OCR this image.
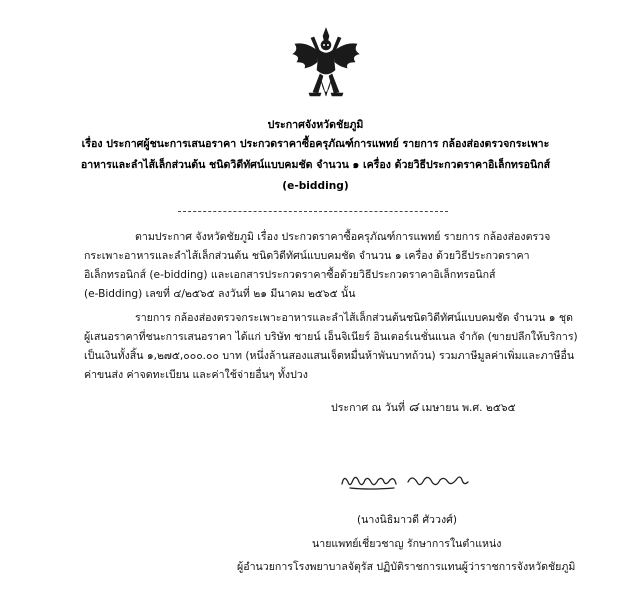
ประกาศจังหวัดชัยภูมิ
เรื่อง ประกาศผู้ชนะการเสนอราคา ประกวดราคาซื้อครุภัณฑ์การแพทย์ รายการ กล้องส่องตรวจกระเพาะ
อาหารและลำไส้เล็กส่วนต้น ชนิดวิดีทัศน์แบบคมชัด จำนวน ๑ เครื่อง ด้วยวิธีประกวดราคาอิเล็กทรอนิกส์
(e-bidding)
ตามประกาศ จังหวัดชัยภูมิ เรื่อง ประกวดราคาซื้อครุภัณฑ์การแพทย์ รายการ กล้องส่องตรวจ
กระเพาะอาหารและลำไส้เล็กส่วนต้น ชนิดวิดีทัศน์แบบคมชัด จำนวน ๑ เครื่อง ด้วยวิธีประกวดราคา
อิเล็กทรอนิกส์ (e-bidding) และเอกสารประกวดราคาซื้อด้วยวิธีประกวดราคาอิเล็กทรอนิกส์
(e-Bidding) เลขที่ ๔/๒๕๖๕ ลงวันที่ ๒๑ มีนาคม ๒๕๖๕ นั้น
รายการ กล้องส่องตรวจกระเพาะอาหารและลำไส้เล็กส่วนต้นชนิดวิดีทัศน์แบบคมชัด จำนวน ๑ ชุด
ผู้เสนอราคาที่ชนะการเสนอราคา ได้แก่ บริษัท ชายน์ เอ็นจิเนียร์ อินเตอร์เนชั่นแนล จำกัด (ขายปลีกให้บริการ)
เป็นเงินทั้งสิ้น ๑,๒๗๕,๐๐๐.๐๐ บาท (หนึ่งล้านสองแสนเจ็ดหมื่นห้าพันบาทถ้วน) รวมภาษีมูลค่าเพิ่มและภาษีอื่น
ค่าขนส่ง ค่าจดทะเบียน และค่าใช้จ่ายอื่นๆ ทั้งปวง
ประกาศ ณ วันที่ ๘ เมษายน พ.ศ. ๒๕๖๕
(นางนิธิมาวดี ศัววงศ์)
นายแพทย์เชี่ยวชาญ รักษาการในตำแหน่ง
ผู้อำนวยการโรงพยาบาลจัตุรัส ปฏิบัติราชการแทนผู้ว่าราชการจังหวัดชัยภูมิ
